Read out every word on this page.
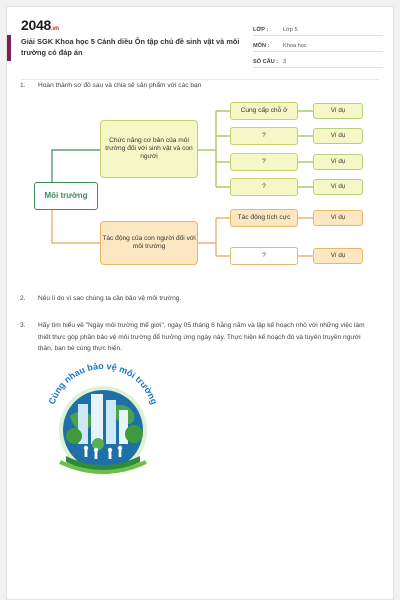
2048.vn
Giải SGK Khoa học 5 Cánh diều Ôn tập chủ đề sinh vật và môi trường có đáp án
LỚP :	Lớp 5
MÔN :	Khoa học
SỐ CÂU : 3
1.	Hoàn thành sơ đồ sau và chia sẻ sản phẩm với các bạn
Môi trường
Chức năng cơ bản của môi trường đối với sinh vật và con người
Tác động của con người đối với môi trường
Cung cấp chỗ ở
?
?
?
Tác động tích cực
?
Ví dụ
Ví dụ
Ví dụ
Ví dụ
Ví dụ
Ví dụ
2.	Nêu lí do vì sao chúng ta cần bảo vệ môi trường.
3.	Hãy tìm hiểu về "Ngày môi trường thế giới", ngày 05 tháng 6 hằng năm và lập kế hoạch nhỏ với những việc làm thiết thực góp phần bảo vệ môi trường để hưởng ứng ngày này. Thực hiện kế hoạch đó và tuyên truyền người thân, bạn bè cùng thực hiện.
Cùng nhau bảo vệ môi trường
